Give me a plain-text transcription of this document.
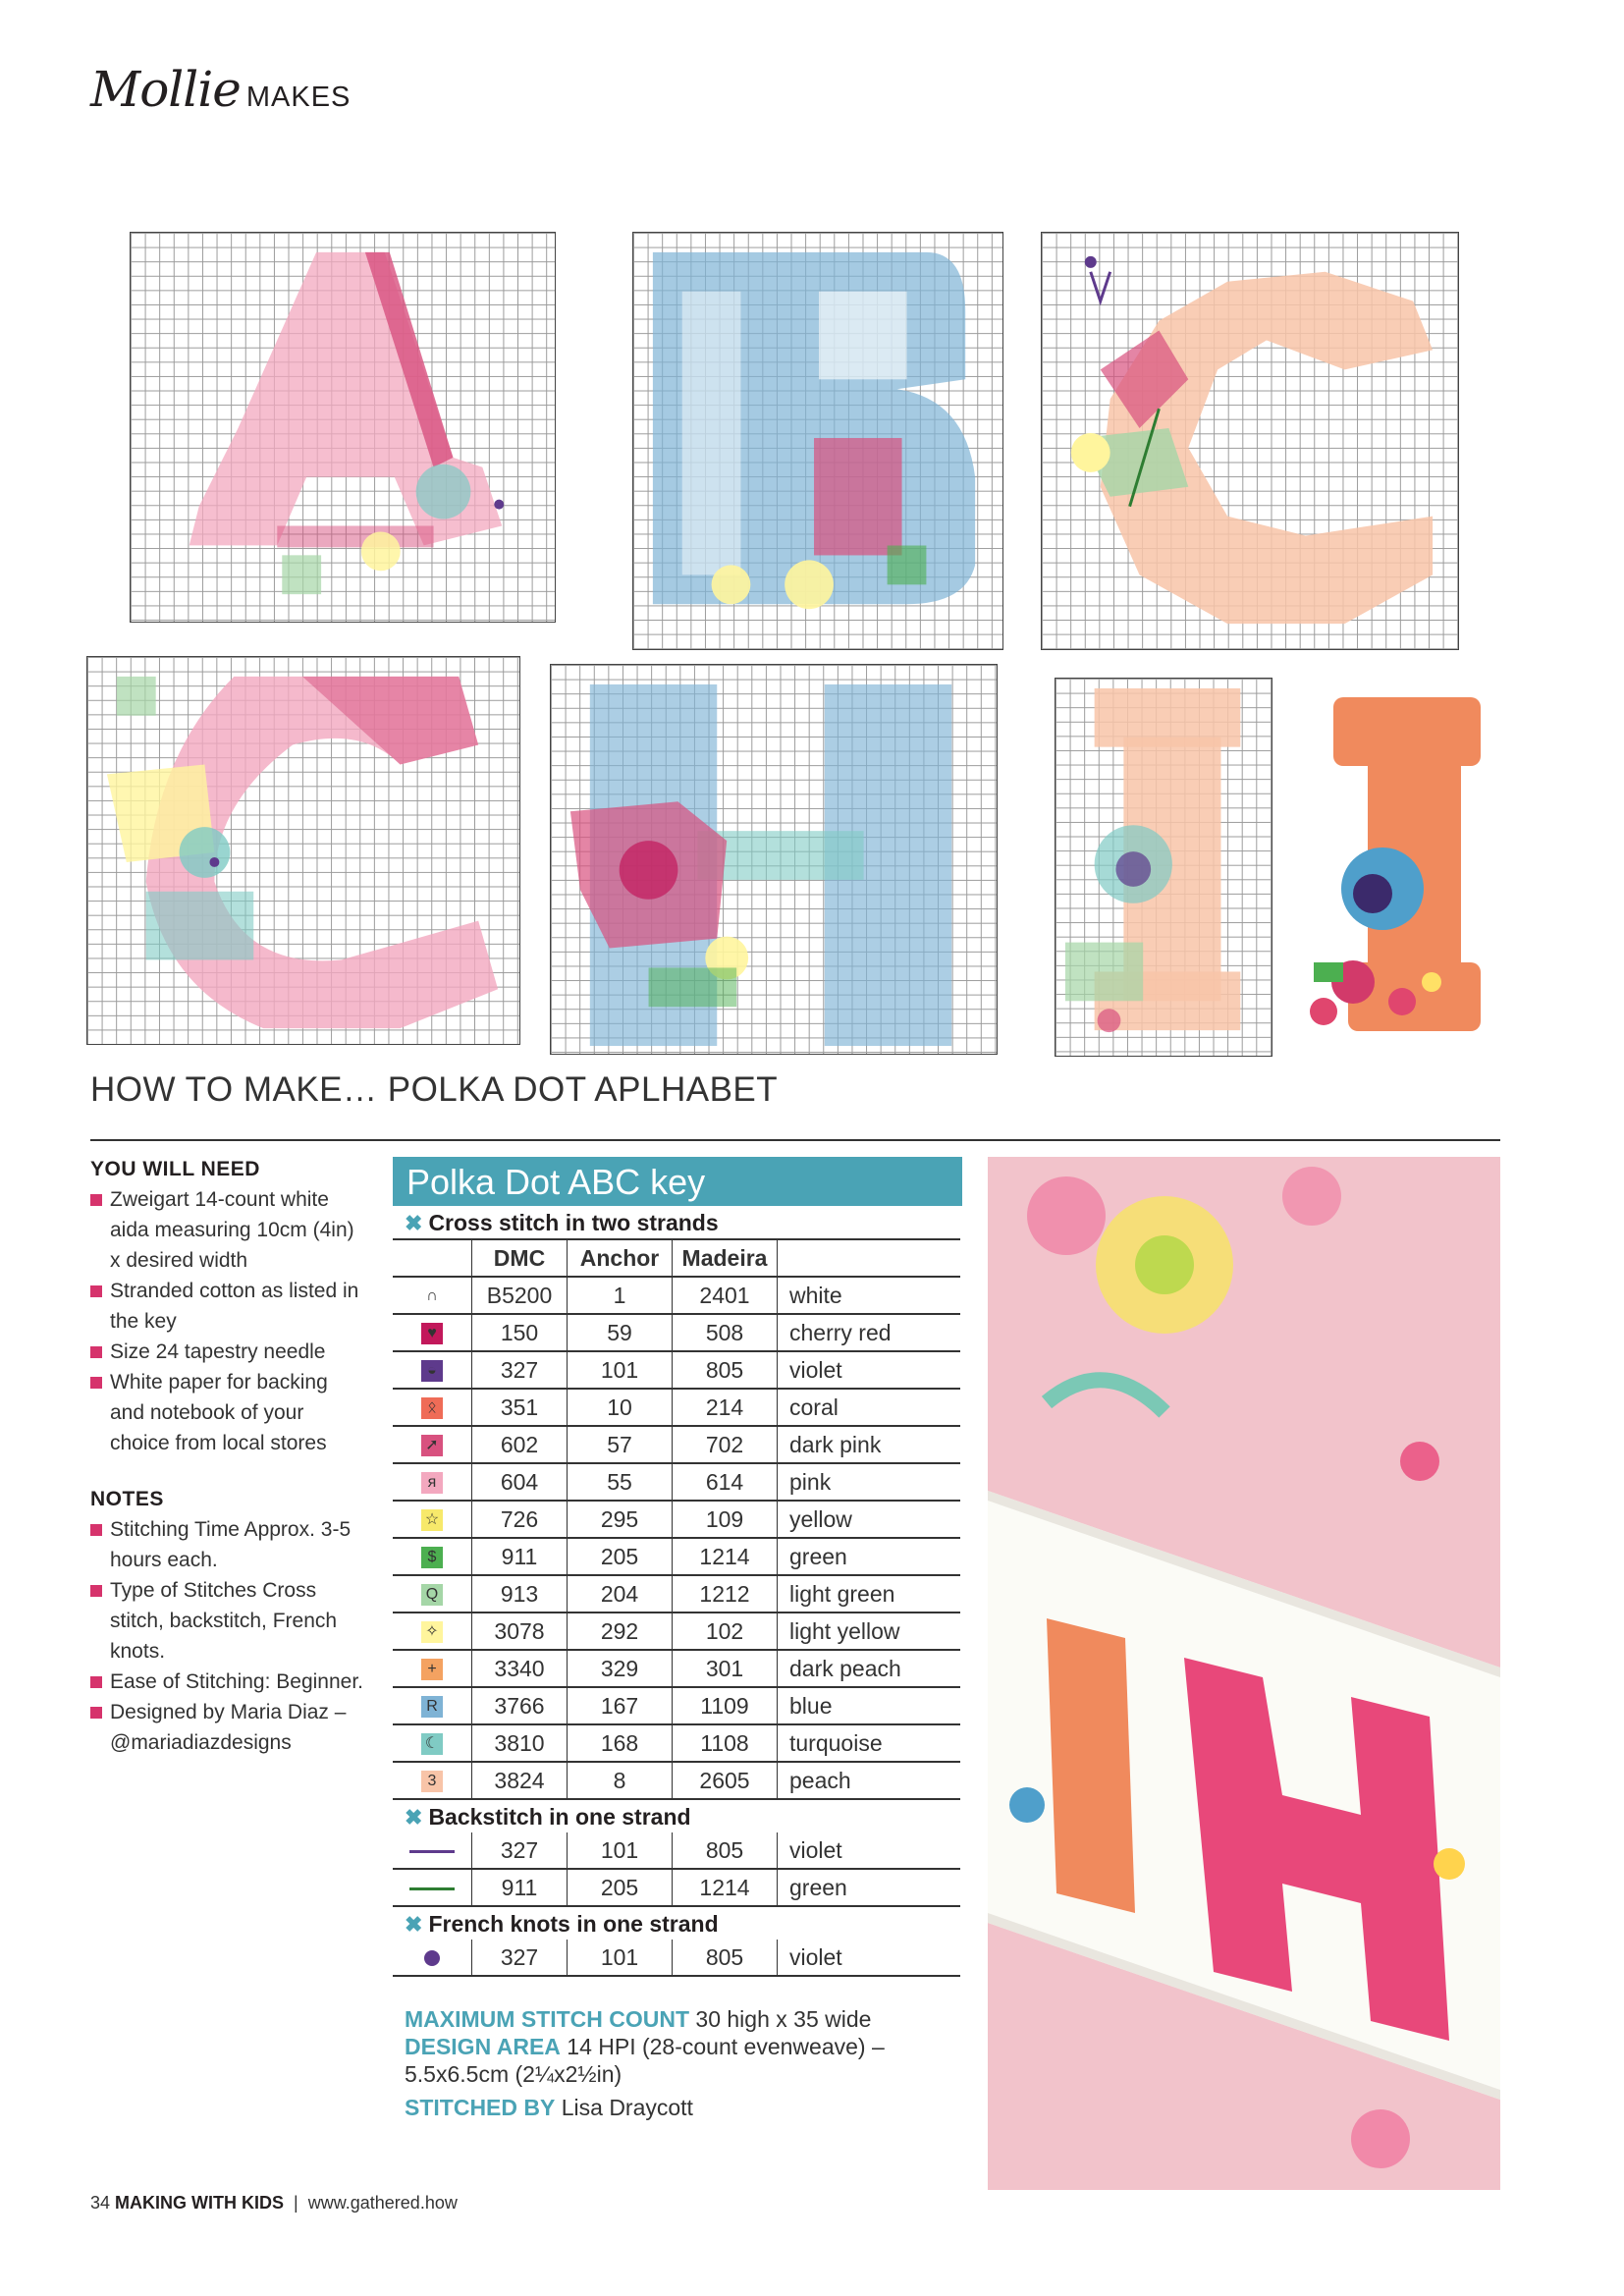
Mollie MAKES
HOW TO MAKE… POLKA DOT APLHABET
YOU WILL NEED
Zweigart 14-count white aida measuring 10cm (4in) x desired width
Stranded cotton as listed in the key
Size 24 tapestry needle
White paper for backing and notebook of your choice from local stores
NOTES
Stitching Time Approx. 3-5 hours each.
Type of Stitches Cross stitch, backstitch, French knots.
Ease of Stitching: Beginner.
Designed by Maria Diaz – @mariadiazdesigns
Polka Dot ABC key
✖ Cross stitch in two strands
	DMC	Anchor	Madeira	
∩	B5200	1	2401	white
♥	150	59	508	cherry red
◒	327	101	805	violet
ᛟ	351	10	214	coral
➚	602	57	702	dark pink
я	604	55	614	pink
☆	726	295	109	yellow
$	911	205	1214	green
Q	913	204	1212	light green
✧	3078	292	102	light yellow
+	3340	329	301	dark peach
R	3766	167	1109	blue
☾	3810	168	1108	turquoise
3	3824	8	2605	peach
✖ Backstitch in one strand
	327	101	805	violet
	911	205	1214	green
✖ French knots in one strand
	327	101	805	violet
MAXIMUM STITCH COUNT 30 high x 35 wide
DESIGN AREA 14 HPI (28-count evenweave) – 5.5x6.5cm (2¼x2½in)
STITCHED BY Lisa Draycott
34 MAKING WITH KIDS  |  www.gathered.how
